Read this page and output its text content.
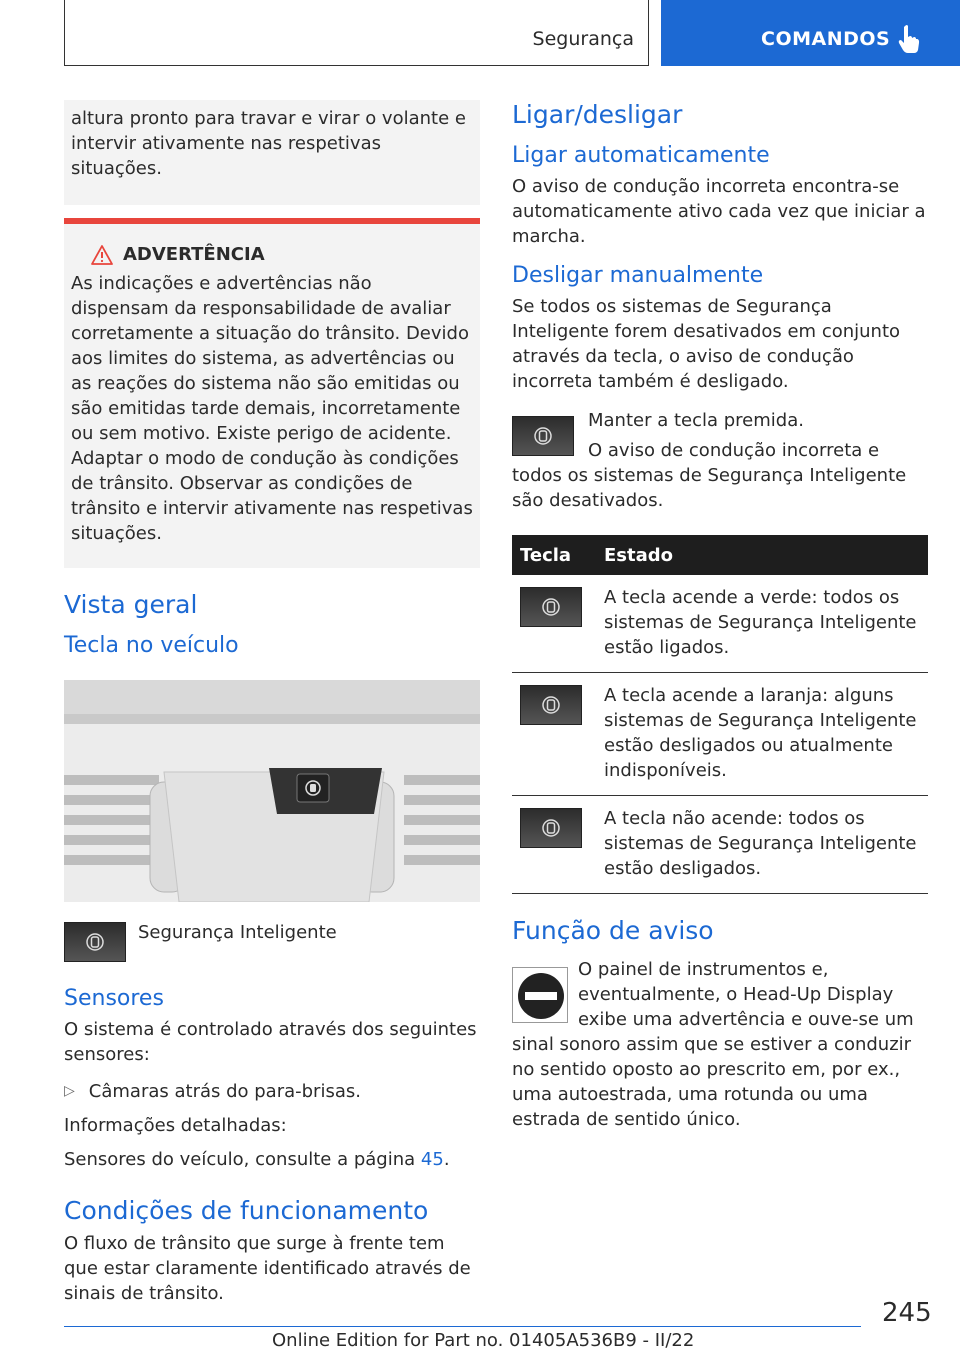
Segurança	COMANDOS

altura pronto para travar e virar o volante e intervir ativamente nas respetivas situações.

ADVERTÊNCIA

As indicações e advertências não dispensam da responsabilidade de avaliar corretamente a situação do trânsito. Devido aos limites do sistema, as advertências ou as reações do sistema não são emitidas ou são emitidas tarde demais, incorretamente ou sem motivo. Existe perigo de acidente. Adaptar o modo de condução às condições de trânsito. Observar as condições de trânsito e intervir ativamente nas respetivas situações.

Vista geral
Tecla no veículo
Segurança Inteligente
Sensores

O sistema é controlado através dos seguintes sensores:

▷ Câmaras atrás do para-brisas.

Informações detalhadas:

Sensores do veículo, consulte a página 45.

Condições de funcionamento

O fluxo de trânsito que surge à frente tem que estar claramente identificado através de sinais de trânsito.

Ligar/desligar
Ligar automaticamente

O aviso de condução incorreta encontra-se automaticamente ativo cada vez que iniciar a marcha.

Desligar manualmente

Se todos os sistemas de Segurança Inteligente forem desativados em conjunto através da tecla, o aviso de condução incorreta também é desligado.

Manter a tecla premida.

O aviso de condução incorreta e todos os sistemas de Segurança Inteligente são desativados.

Tecla	Estado

	A tecla acende a verde: todos os sistemas de Segurança Inteligente estão ligados.

	A tecla acende a laranja: alguns sistemas de Segurança Inteligente estão desligados ou atualmente indisponíveis.

	A tecla não acende: todos os sistemas de Segurança Inteligente estão desligados.
Função de aviso

O painel de instrumentos e, eventualmente, o Head-Up Display exibe uma advertência e ouve-se um sinal sonoro assim que se estiver a conduzir no sentido oposto ao prescrito em, por ex., uma autoestrada, uma rotunda ou uma estrada de sentido único.

245
Online Edition for Part no. 01405A536B9 - II/22
